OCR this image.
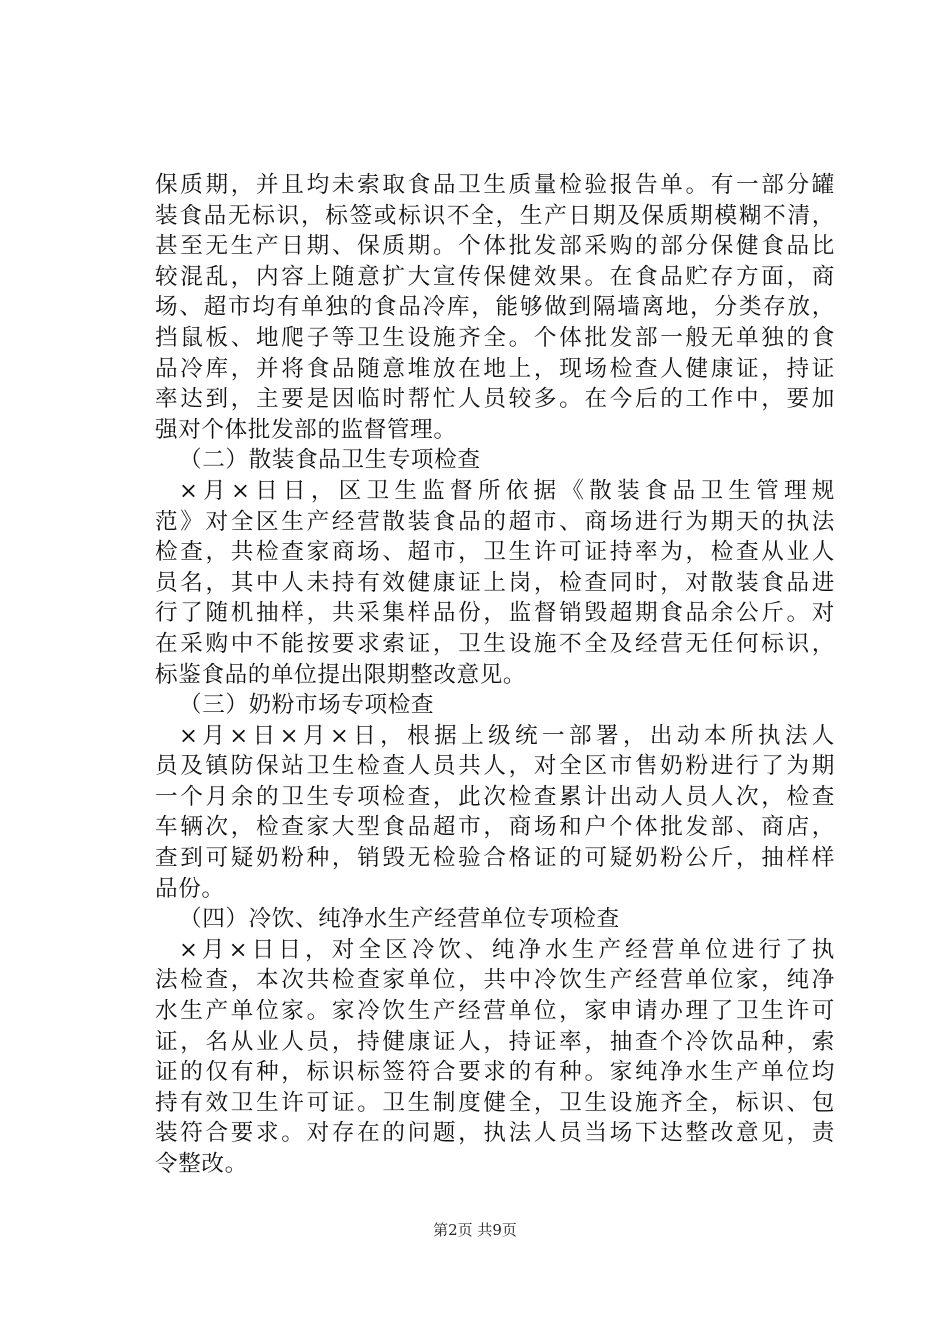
保质期，并且均未索取食品卫生质量检验报告单。有一部分罐
装食品无标识，标签或标识不全，生产日期及保质期模糊不清，
甚至无生产日期、保质期。个体批发部采购的部分保健食品比
较混乱，内容上随意扩大宣传保健效果。在食品贮存方面，商
场、超市均有单独的食品冷库，能够做到隔墙离地，分类存放，
挡鼠板、地爬子等卫生设施齐全。个体批发部一般无单独的食
品冷库，并将食品随意堆放在地上，现场检查人健康证，持证
率达到，主要是因临时帮忙人员较多。在今后的工作中，要加
强对个体批发部的监督管理。

（二）散装食品卫生专项检查

×月×日日，区卫生监督所依据《散装食品卫生管理规
范》对全区生产经营散装食品的超市、商场进行为期天的执法
检查，共检查家商场、超市，卫生许可证持率为，检查从业人
员名，其中人未持有效健康证上岗，检查同时，对散装食品进
行了随机抽样，共采集样品份，监督销毁超期食品余公斤。对
在采购中不能按要求索证，卫生设施不全及经营无任何标识，
标鉴食品的单位提出限期整改意见。

（三）奶粉市场专项检查

×月×日×月×日，根据上级统一部署，出动本所执法人
员及镇防保站卫生检查人员共人，对全区市售奶粉进行了为期
一个月余的卫生专项检查，此次检查累计出动人员人次，检查
车辆次，检查家大型食品超市，商场和户个体批发部、商店，
查到可疑奶粉种，销毁无检验合格证的可疑奶粉公斤，抽样样
品份。

（四）冷饮、纯净水生产经营单位专项检查

×月×日日，对全区冷饮、纯净水生产经营单位进行了执
法检查，本次共检查家单位，共中冷饮生产经营单位家，纯净
水生产单位家。家冷饮生产经营单位，家申请办理了卫生许可
证，名从业人员，持健康证人，持证率，抽查个冷饮品种，索
证的仅有种，标识标签符合要求的有种。家纯净水生产单位均
持有效卫生许可证。卫生制度健全，卫生设施齐全，标识、包
装符合要求。对存在的问题，执法人员当场下达整改意见，责
令整改。

第2页 共9页
